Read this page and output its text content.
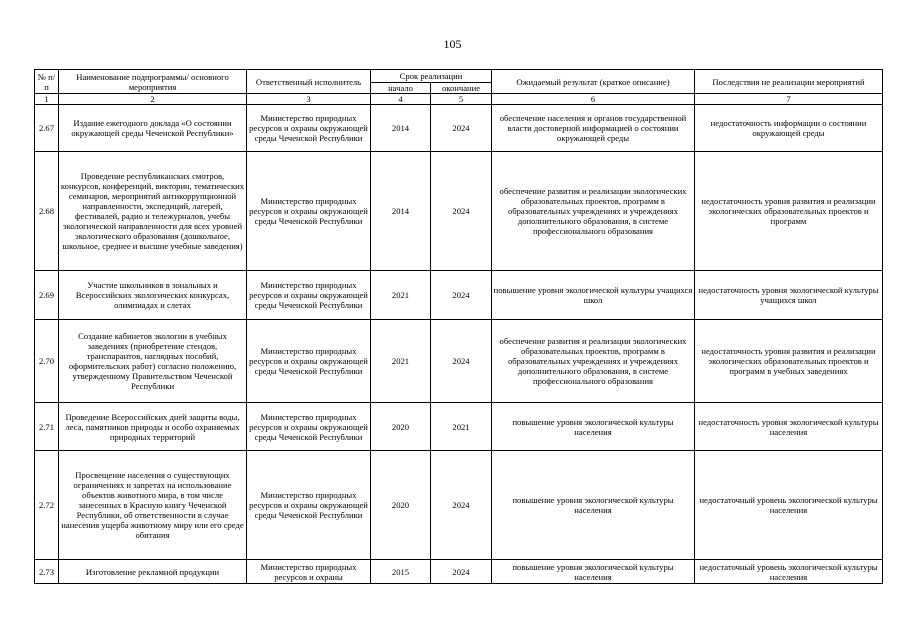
105
№ п/п	Наименование подпрограммы/ основного мероприятия	Ответственный исполнитель	Срок реализации		Ожидаемый результат (краткое описание)	Последствия не реализации мероприятий
			начало	окончание		
1	2	3	4	5	6	7
2.67	Издание ежегодного доклада «О состоянии окружающей среды Чеченской Республики»	Министерство природных ресурсов и охраны окружающей среды Чеченской Республики	2014	2024	обеспечение населения и органов государственной власти достоверной информацией о состоянии окружающей среды	недостаточность информации о состоянии окружающей среды
2.68	Проведение республиканских смотров, конкурсов, конференций, викторин, тематических семинаров, мероприятий антикоррупционной направленности, экспедиций, лагерей, фестивалей, радио и тележурналов, учебы экологической направленности для всех уровней экологического образования (дошкольное, школьное, среднее и высшие учебные заведения)	Министерство природных ресурсов и охраны окружающей среды Чеченской Республики	2014	2024	обеспечение развития и реализации экологических образовательных проектов, программ в образовательных учреждениях и учреждениях дополнительного образования, в системе профессионального образования	недостаточность уровня развития и реализации экологических образовательных проектов и программ
2.69	Участие школьников в зональных и Всероссийских экологических конкурсах, олимпиадах и слетах	Министерство природных ресурсов и охраны окружающей среды Чеченской Республики	2021	2024	повышение уровня экологической культуры учащихся школ	недостаточность уровня экологической культуры учащихся школ
2.70	Создание кабинетов экологии в учебных заведениях (приобретение стендов, транспарантов, наглядных пособий, оформительских работ) согласно положению, утвержденному Правительством Чеченской Республики	Министерство природных ресурсов и охраны окружающей среды Чеченской Республики	2021	2024	обеспечение развития и реализации экологических образовательных проектов, программ в образовательных учреждениях и учреждениях дополнительного образования, в системе профессионального образования	недостаточность уровня развития и реализации экологических образовательных проектов и программ в учебных заведениях
2.71	Проведение Всероссийских дней защиты воды, леса, памятников природы и особо охраняемых природных территорий	Министерство природных ресурсов и охраны окружающей среды Чеченской Республики	2020	2021	повышение уровня экологической культуры населения	недостаточность уровня экологической культуры населения
2.72	Просвещение населения о существующих ограничениях и запретах на использование объектов животного мира, в том числе занесенных в Красную книгу Чеченской Республики, об ответственности в случае нанесения ущерба животному миру или его среде обитания	Министерство природных ресурсов и охраны окружающей среды Чеченской Республики	2020	2024	повышение уровня экологической культуры населения	недостаточный уровень экологической культуры населения
2.73	Изготовление рекламной продукции	Министерство природных ресурсов и охраны	2015	2024	повышение уровня экологической культуры населения	недостаточный уровень экологической культуры населения
